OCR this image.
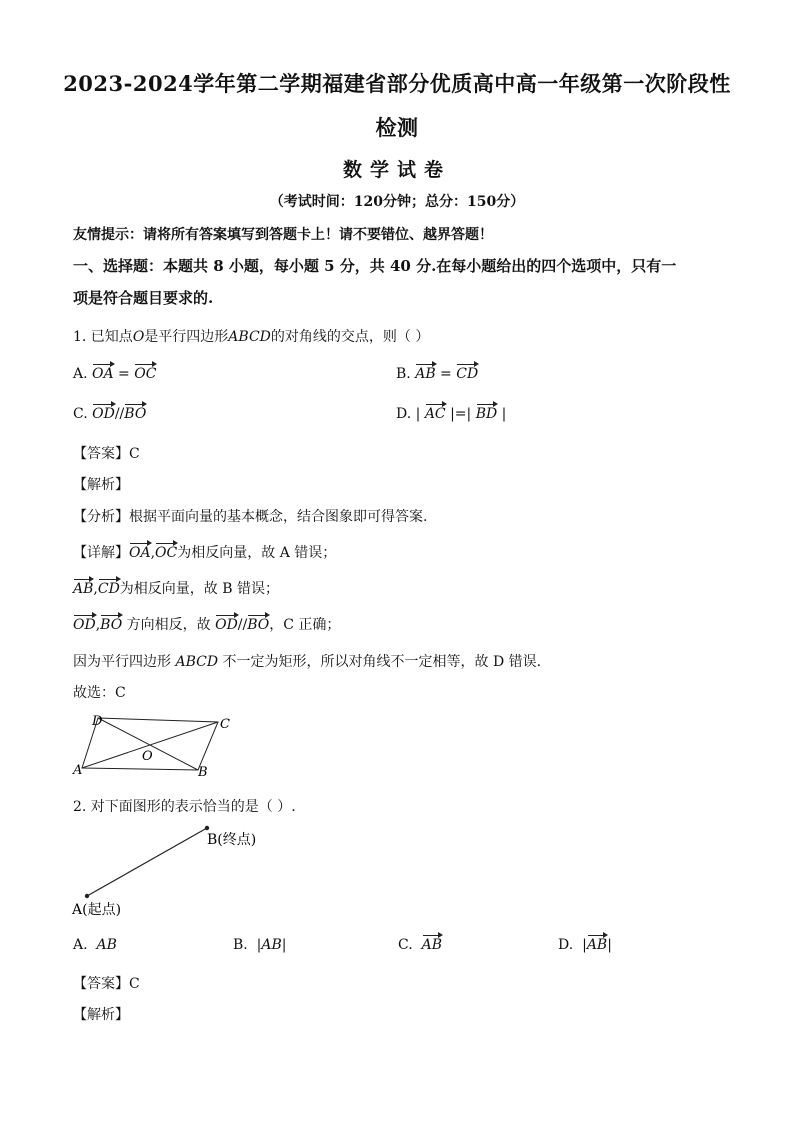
2023-2024学年第二学期福建省部分优质高中高一年级第一次阶段性
检测
数学试卷
（考试时间：120分钟；总分：150分）
友情提示：请将所有答案填写到答题卡上！请不要错位、越界答题！
一、选择题：本题共 8 小题，每小题 5 分，共 40 分.在每小题给出的四个选项中，只有一
项是符合题目要求的.
1. 已知点O是平行四边形ABCD的对角线的交点，则（ ）
A. OA = OC	B. AB = CD
C. OD//BO	D. | AC |=| BD |
【答案】C
【解析】
【分析】根据平面向量的基本概念，结合图象即可得答案.
【详解】OA,OC为相反向量，故 A 错误；
AB,CD为相反向量，故 B 错误；
OD,BO 方向相反，故 OD//BO，C 正确；
因为平行四边形 ABCD 不一定为矩形，所以对角线不一定相等，故 D 错误.
故选：C
D	C
A	B
O
2. 对下面图形的表示恰当的是（ ）.
B(终点)
A(起点)
A. AB	B.  |AB|	C. AB	D.  |AB|
【答案】C
【解析】
